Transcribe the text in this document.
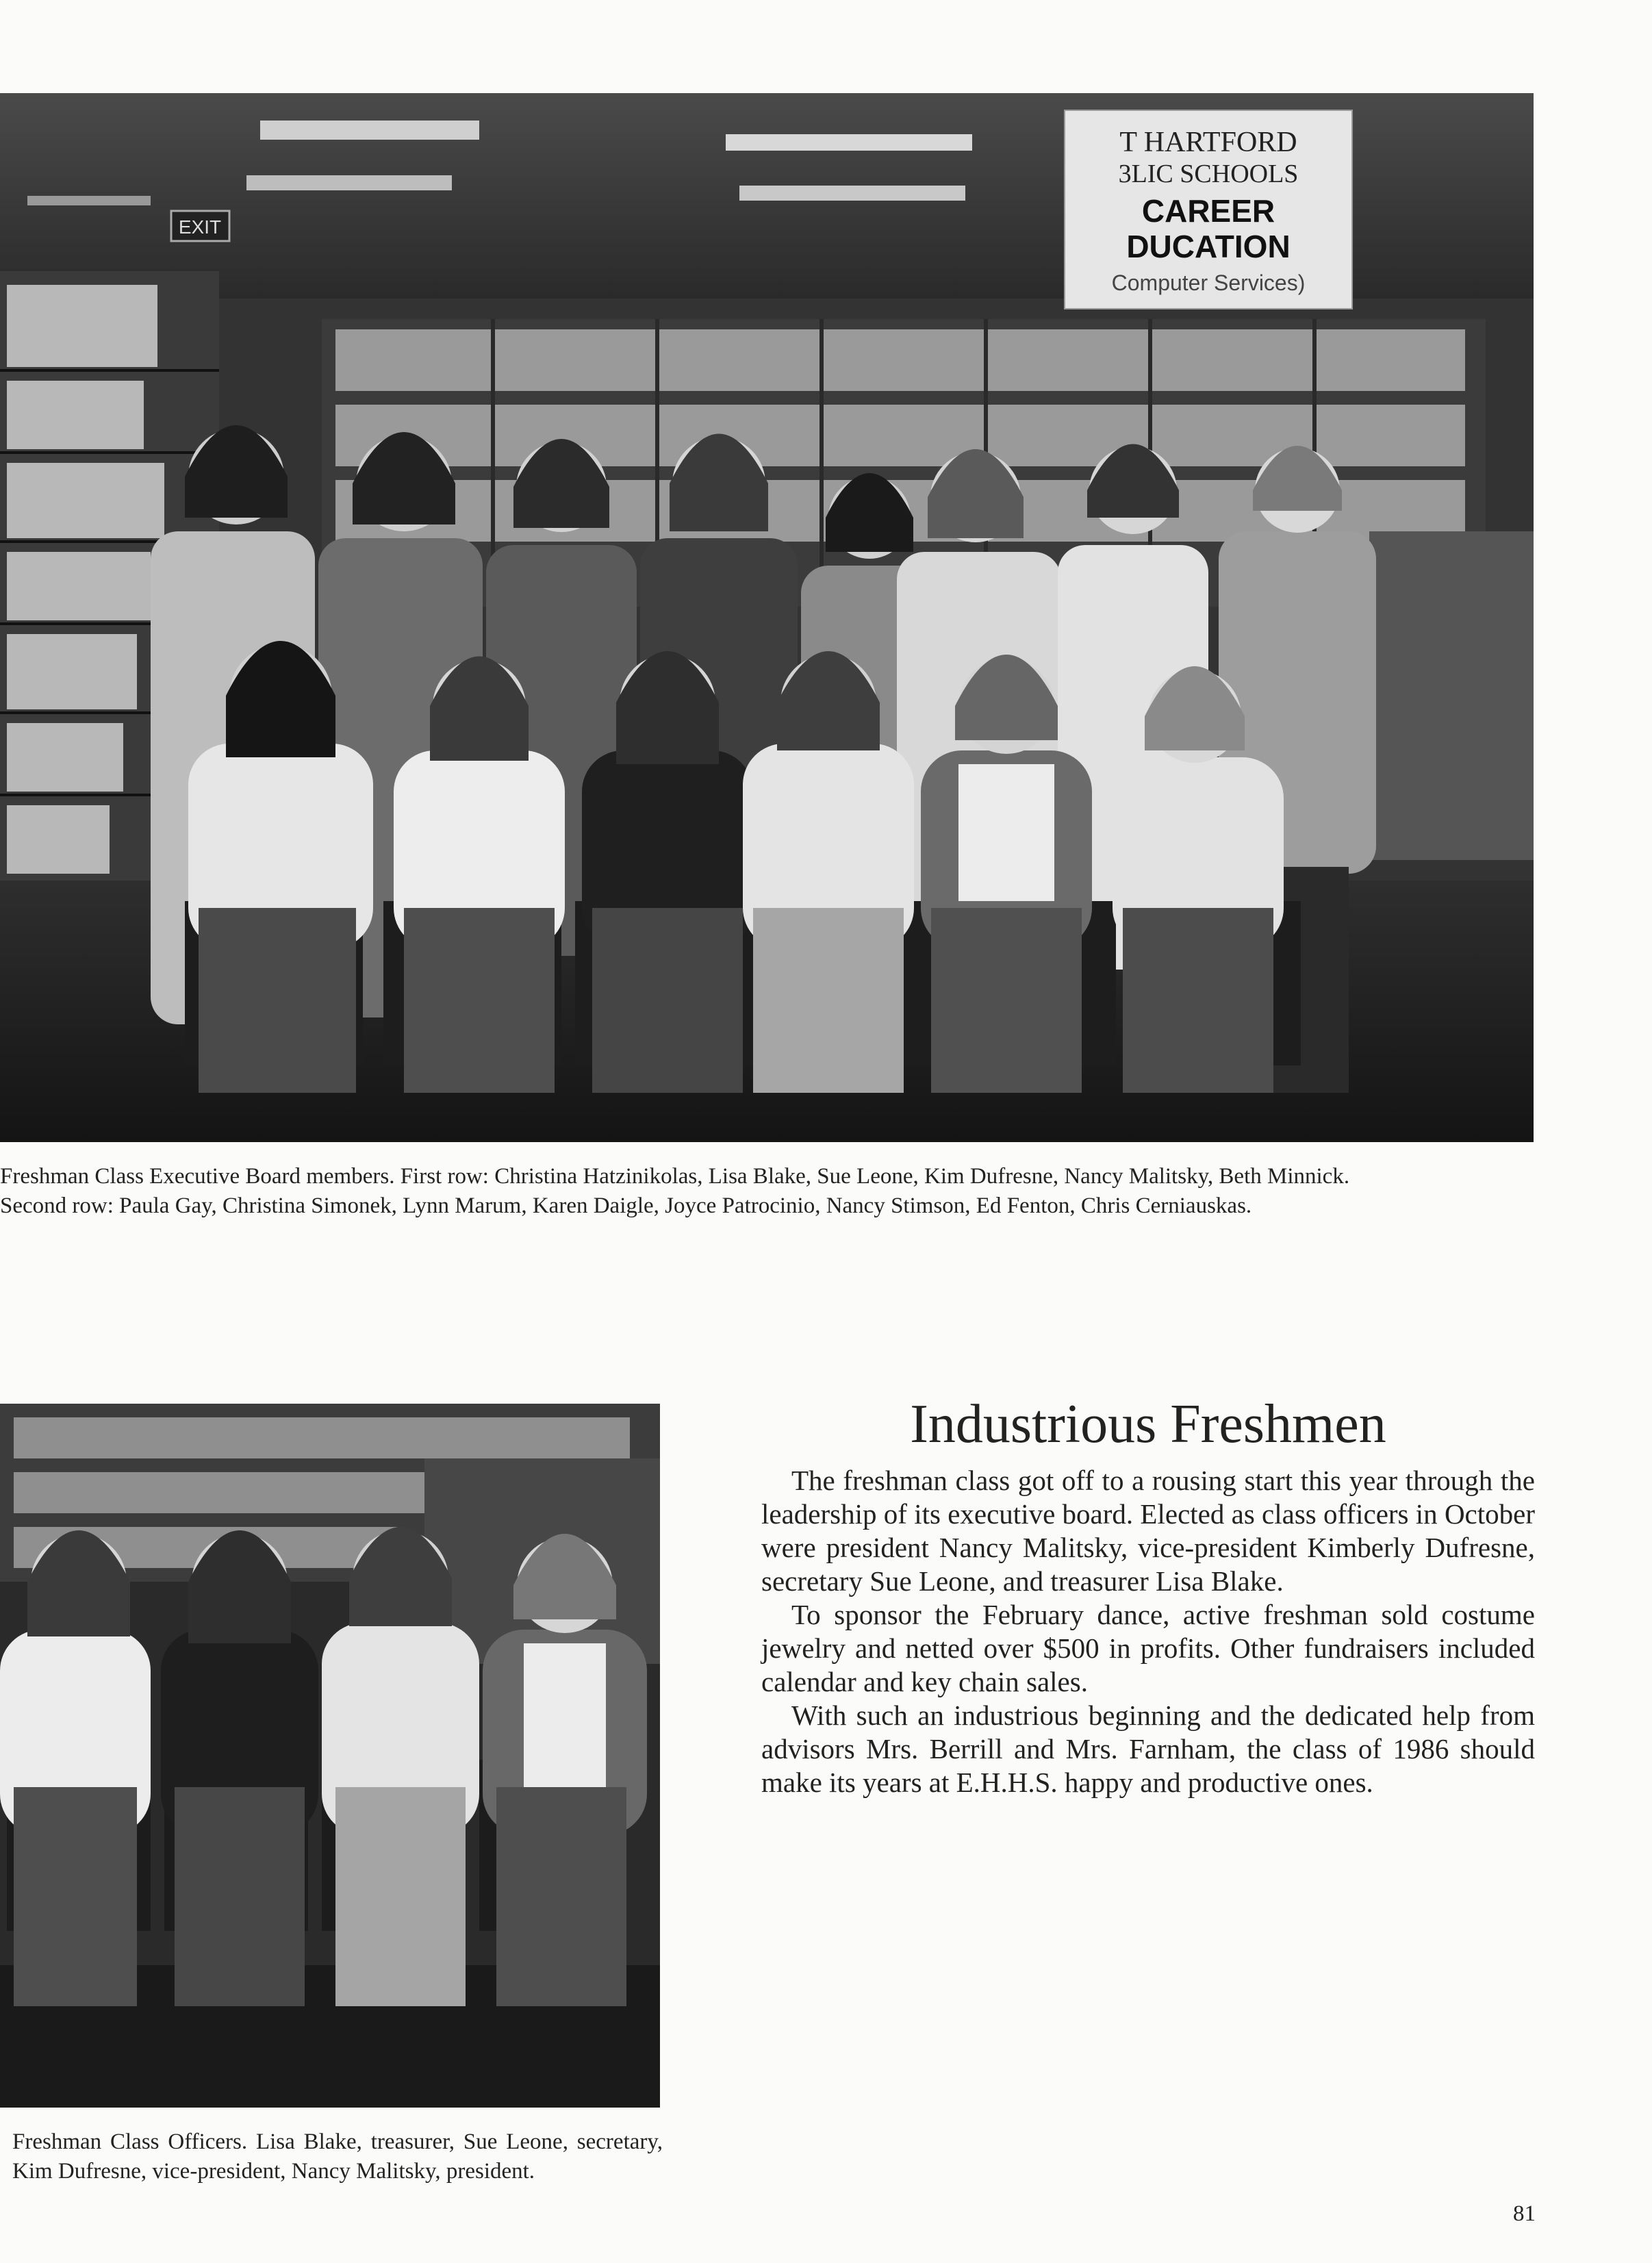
EXIT
T HARTFORD
3LIC SCHOOLS
CAREER
DUCATION
Computer Services)
Freshman Class Executive Board members. First row: Christina Hatzinikolas, Lisa Blake, Sue Leone, Kim Dufresne, Nancy Malitsky, Beth Minnick.
Second row: Paula Gay, Christina Simonek, Lynn Marum, Karen Daigle, Joyce Patrocinio, Nancy Stimson, Ed Fenton, Chris Cerniauskas.
Freshman Class Officers. Lisa Blake, treasurer, Sue Leone, secretary, Kim Dufresne, vice-president, Nancy Malitsky, president.
Industrious Freshmen

The freshman class got off to a rousing start this year through the leadership of its executive board. Elected as class officers in October were president Nancy Malitsky, vice-president Kimberly Dufresne, secretary Sue Leone, and treasurer Lisa Blake.

To sponsor the February dance, active freshman sold costume jewelry and netted over $500 in profits. Other fundraisers included calendar and key chain sales.

With such an industrious beginning and the dedicated help from advisors Mrs. Berrill and Mrs. Farnham, the class of 1986 should make its years at E.H.H.S. happy and productive ones.

81
